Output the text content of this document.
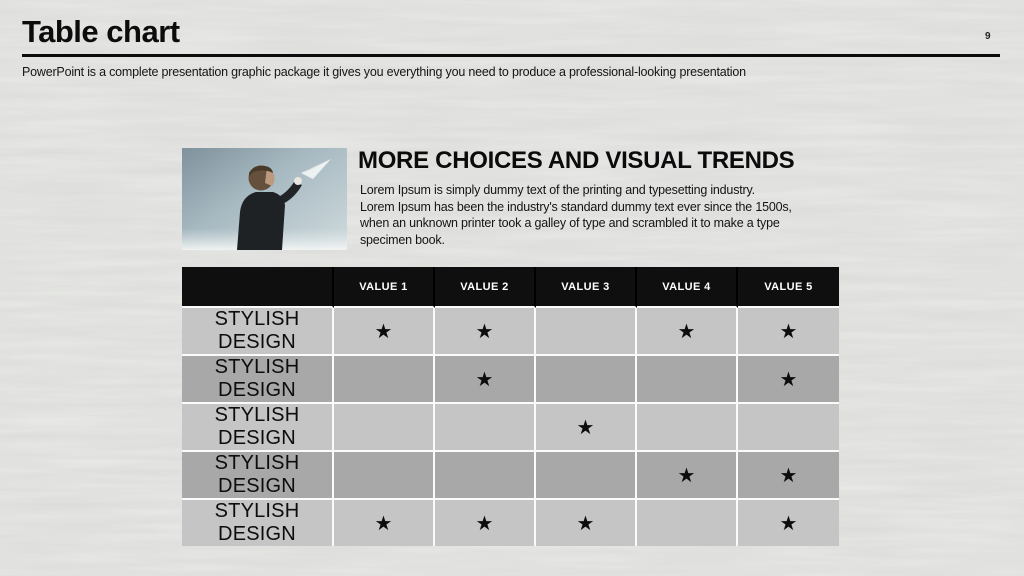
Table chart	9
PowerPoint is a complete presentation graphic package it gives you everything you need to produce a professional-looking presentation
MORE CHOICES AND VISUAL TRENDS
Lorem Ipsum is simply dummy text of the printing and typesetting industry.
Lorem Ipsum has been the industry's standard dummy text ever since the 1500s,
when an unknown printer took a galley of type and scrambled it to make a type
specimen book.
	VALUE 1	VALUE 2	VALUE 3	VALUE 4	VALUE 5
STYLISH DESIGN	★	★		★	★
STYLISH DESIGN		★			★
STYLISH DESIGN			★		
STYLISH DESIGN				★	★
STYLISH DESIGN	★	★	★		★
